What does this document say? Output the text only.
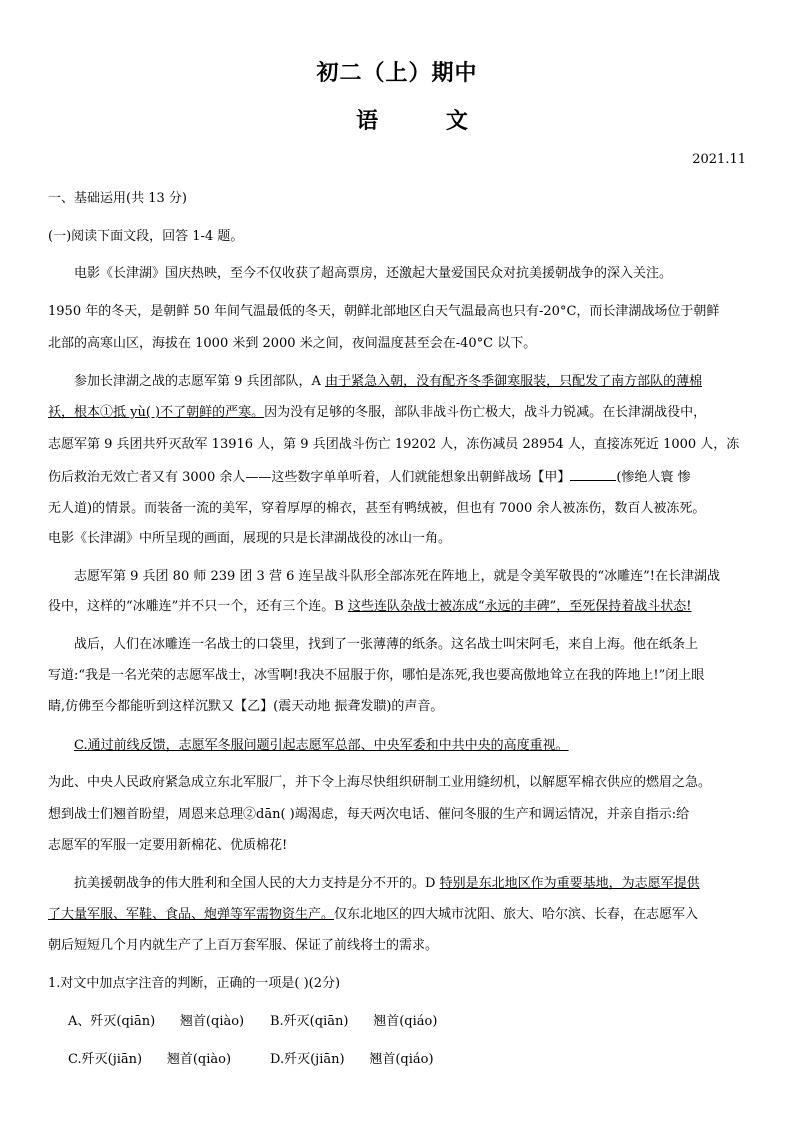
初二（上）期中
语 文
2021.11
一、基础运用(共 13 分)
(一)阅读下面文段，回答 1-4 题。
电影《长津湖》国庆热映，至今不仅收获了超高票房，还激起大量爱国民众对抗美援朝战争的深入关注。
1950 年的冬天，是朝鲜 50 年间气温最低的冬天，朝鲜北部地区白天气温最高也只有-20°C，而长津湖战场位于朝鲜
北部的高寒山区，海拔在 1000 米到 2000 米之间，夜间温度甚至会在-40°C 以下。
参加长津湖之战的志愿军第 9 兵团部队，A 由于紧急入朝，没有配齐冬季御寒服装，只配发了南方部队的薄棉
袄，根本①抵 yù( )不了朝鲜的严寒。因为没有足够的冬服，部队非战斗伤亡极大，战斗力锐减。在长津湖战役中，
志愿军第 9 兵团共歼灭敌军 13916 人，第 9 兵团战斗伤亡 19202 人，冻伤减员 28954 人，直接冻死近 1000 人，冻
伤后救治无效亡者又有 3000 余人——这些数字单单听着，人们就能想象出朝鲜战场【甲】	(惨绝人寰 惨
无人道)的情景。而装备一流的美军，穿着厚厚的棉衣，甚至有鸭绒被，但也有 7000 余人被冻伤，数百人被冻死。
电影《长津湖》中所呈现的画面，展现的只是长津湖战役的冰山一角。
志愿军第 9 兵团 80 师 239 团 3 营 6 连呈战斗队形全部冻死在阵地上，就是令美军敬畏的“冰雕连”!在长津湖战
役中，这样的“冰雕连”并不只一个，还有三个连。B 这些连队杂战士被冻成“永远的丰碑”，至死保持着战斗状态!
战后，人们在冰雕连一名战士的口袋里，找到了一张薄薄的纸条。这名战士叫宋阿毛，来自上海。他在纸条上
写道:“我是一名光荣的志愿军战士，冰雪啊!我决不屈服于你，哪怕是冻死,我也要高傲地耸立在我的阵地上!”闭上眼
睛,仿佛至今都能听到这样沉默又【乙】(震天动地 振聋发聩)的声音。
C.通过前线反馈，志愿军冬服问题引起志愿军总部、中央军委和中共中央的高度重视。
为此、中央人民政府紧急成立东北军服厂，并下令上海尽快组织研制工业用缝纫机，以解愿军棉衣供应的燃眉之急。
想到战士们翘首盼望，周恩来总理②dān( )竭渴虑，每天两次电话、催问冬服的生产和调运情况，并亲自指示:给
志愿军的军服一定要用新棉花、优质棉花!
抗美援朝战争的伟大胜利和全国人民的大力支持是分不开的。D 特别是东北地区作为重要基地，为志愿军提供
了大量军服、军鞋、食品、炮弹等军需物资生产。仅东北地区的四大城市沈阳、旅大、哈尔滨、长春，在志愿军入
朝后短短几个月内就生产了上百万套军服、保证了前线将士的需求。
1.对文中加点字注音的判断，正确的一项是( )(2分)
A、歼灭(qiān)      翘首(qiào)	B.歼灭(qiān)      翘首(qiáo)
C.歼灭(jiān)      翘首(qiào)	D.歼灭(jiān)      翘首(qiáo)
